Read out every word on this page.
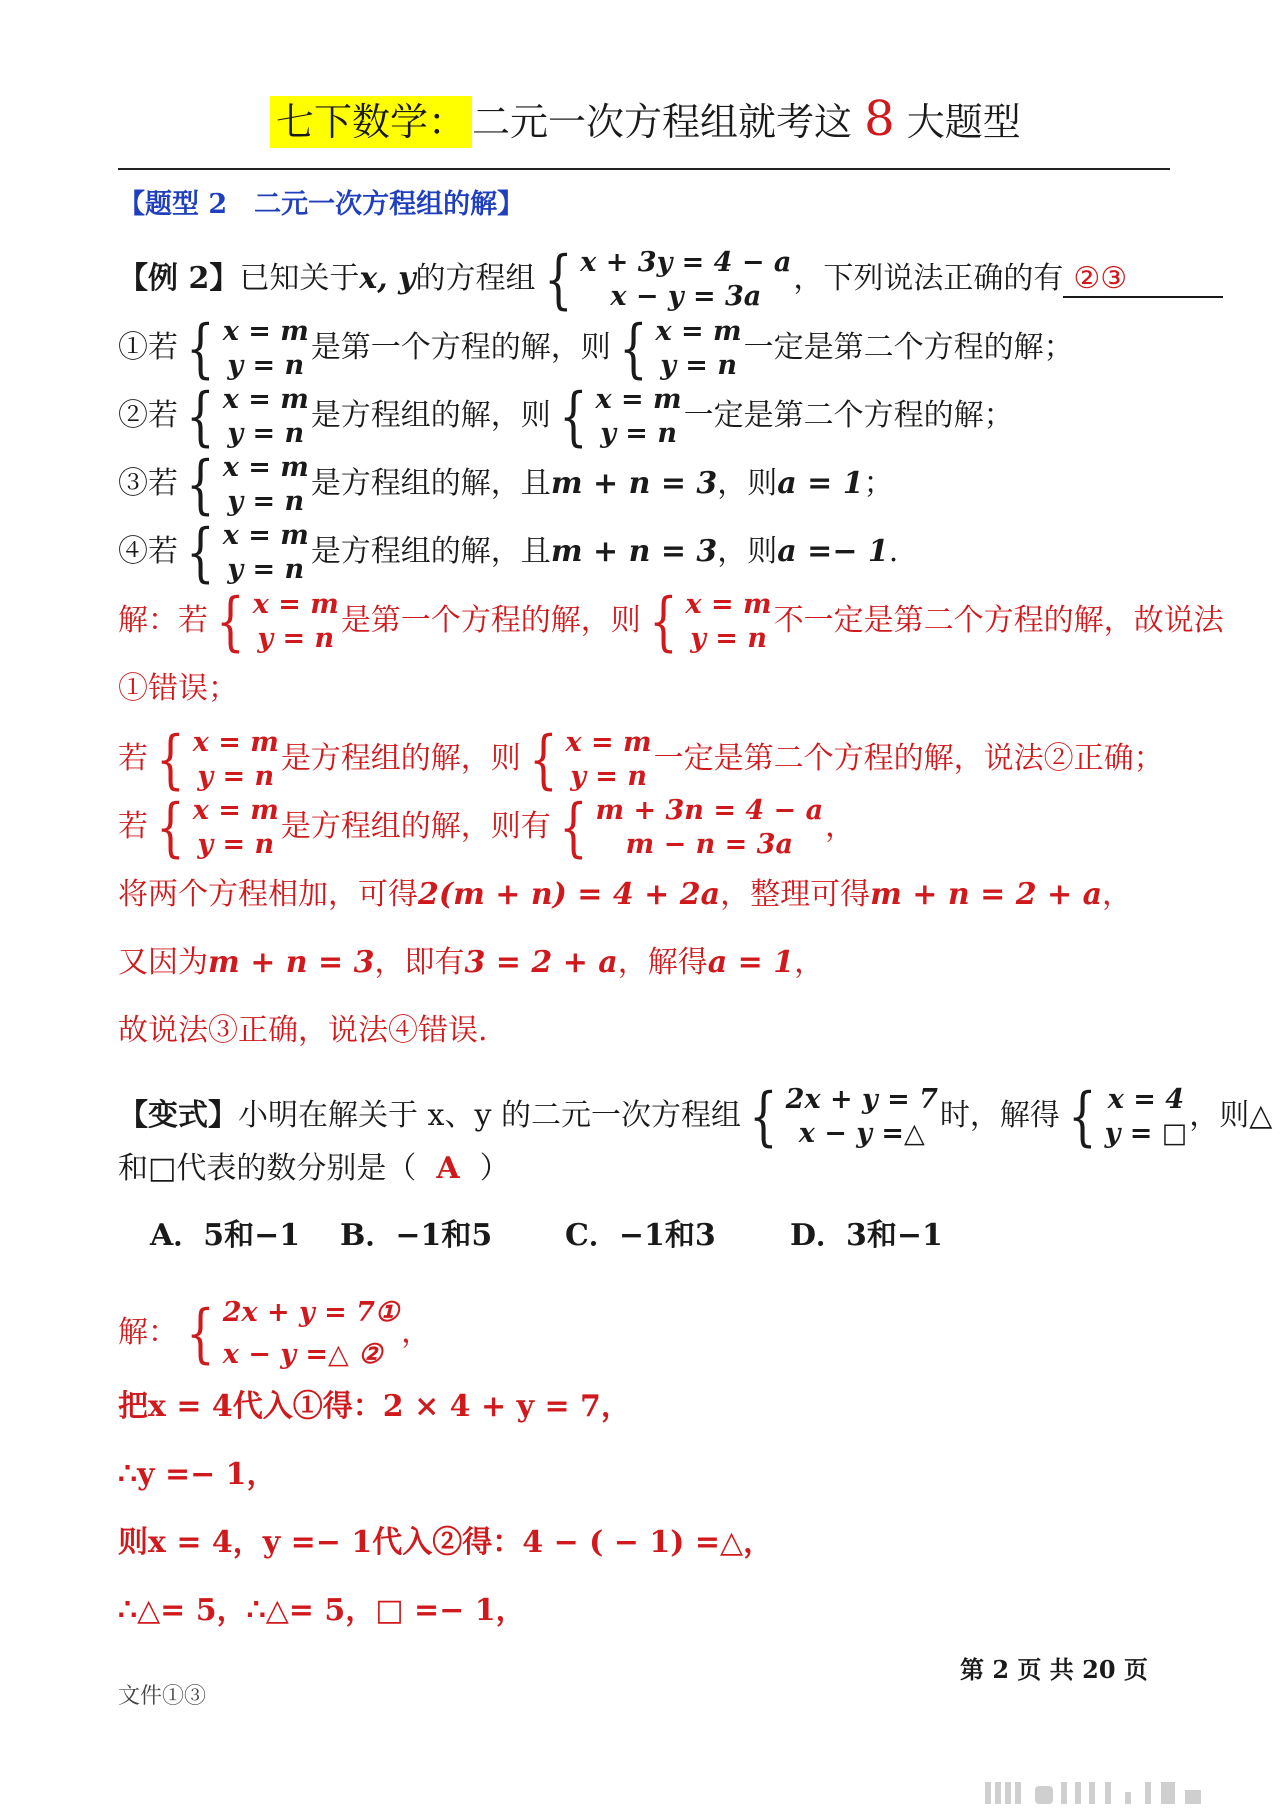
七下数学： 二元一次方程组就考这 8 大题型
【题型 2　二元一次方程组的解】
【例 2】已知关于x, y的方程组 { x + 3y = 4 − a
x − y = 3a
，下列说法正确的有 ②③
①若 { x = m
y = n
是第一个方程的解，则 { x = m
y = n
一定是第二个方程的解；
②若 { x = m
y = n
是方程组的解，则 { x = m
y = n
一定是第二个方程的解；
③若 { x = m
y = n
是方程组的解，且m + n = 3，则a = 1；
④若 { x = m
y = n
是方程组的解，且m + n = 3，则a =− 1.
解：若 { x = m
y = n
是第一个方程的解，则 { x = m
y = n
不一定是第二个方程的解，故说法
①错误；
若 { x = m
y = n
是方程组的解，则 { x = m
y = n
一定是第二个方程的解，说法②正确；
若 { x = m
y = n
是方程组的解，则有 { m + 3n = 4 − a
m − n = 3a
，
将两个方程相加，可得2(m + n) = 4 + 2a，整理可得m + n = 2 + a，
又因为m + n = 3，即有3 = 2 + a，解得a = 1，
故说法③正确，说法④错误.
【变式】小明在解关于 x、y 的二元一次方程组 { 2x + y = 7
x − y =△
时，解得 { x = 4
y = □
，则△
和□代表的数分别是（ A ）
A．5和−1 B．−1和5 C．−1和3 D．3和−1
解： { 2x + y = 7①
x − y =△ ②
，
把x = 4代入①得：2 × 4 + y = 7，
∴y =− 1，
则x = 4，y =− 1代入②得：4 − ( − 1) =△，
∴△= 5，∴△= 5，□ =− 1，
第 2 页 共 20 页
文件①③
